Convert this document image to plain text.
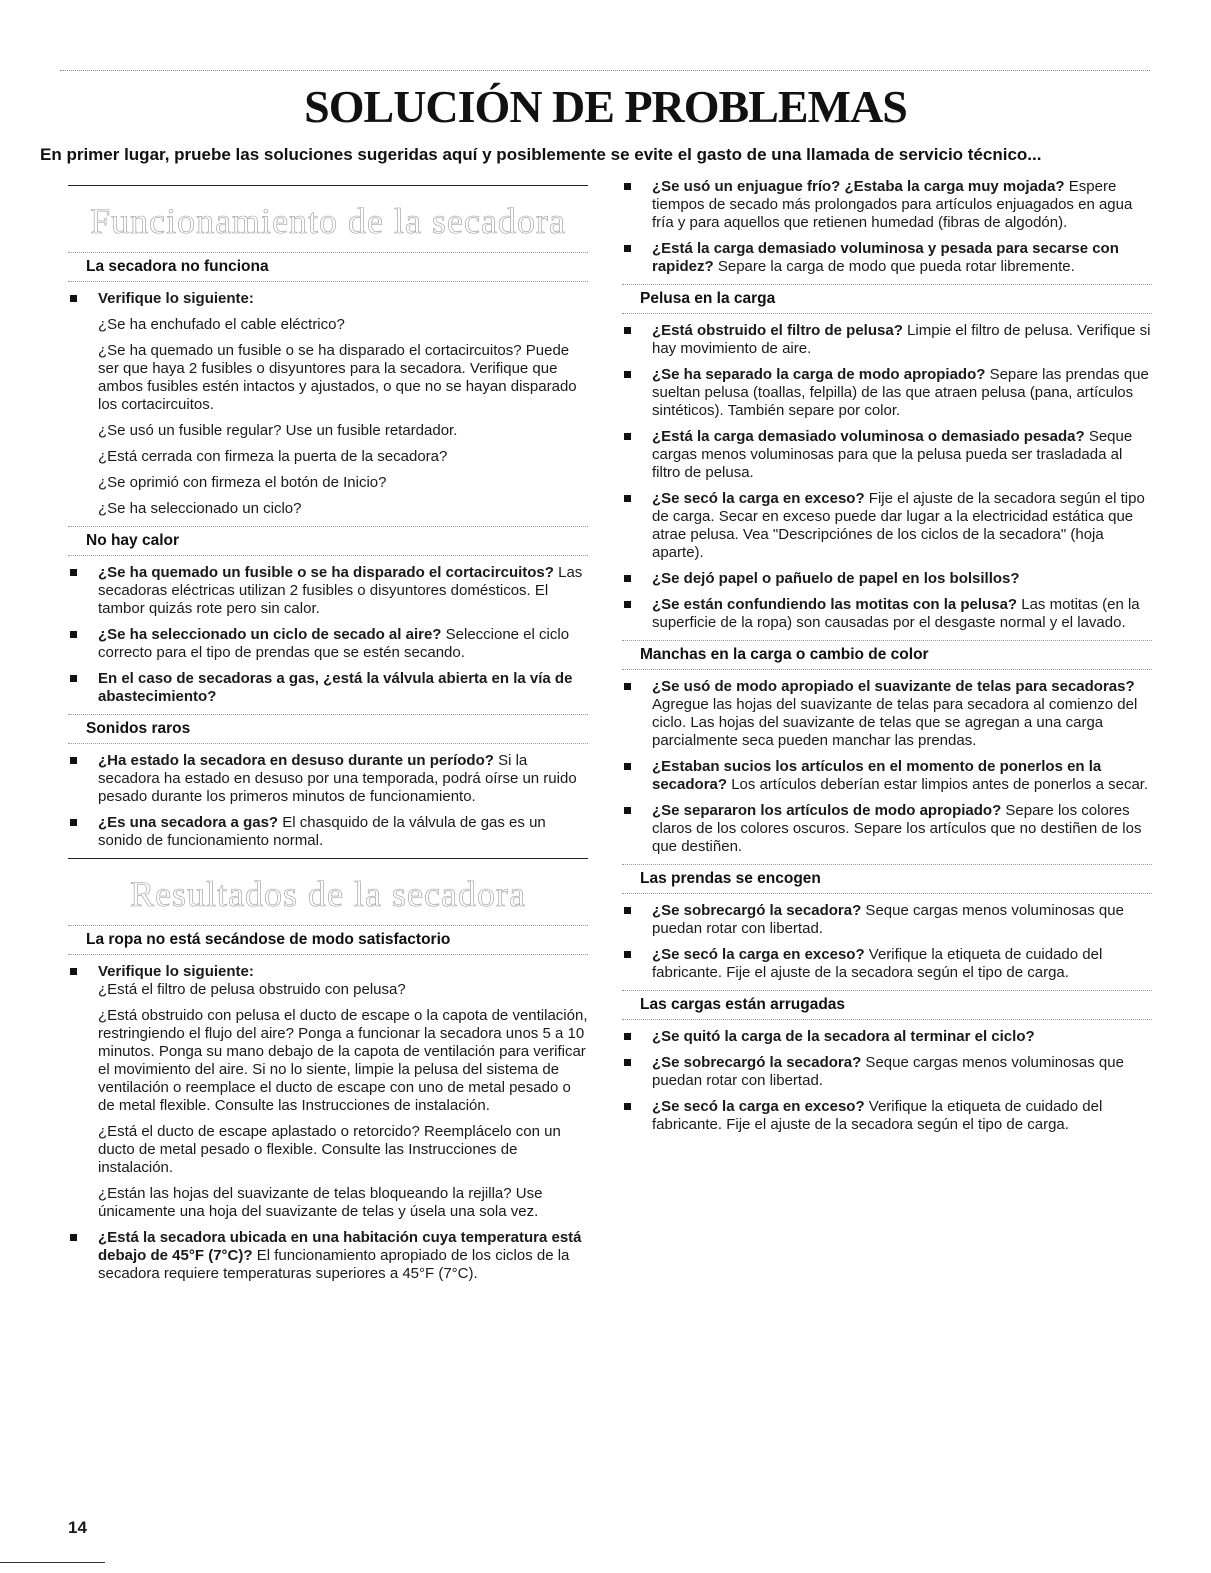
SOLUCIÓN DE PROBLEMAS

En primer lugar, pruebe las soluciones sugeridas aquí y posiblemente se evite el gasto de una llamada de servicio técnico...

Funcionamiento de la secadora
La secadora no funciona
Verifique lo siguiente:

¿Se ha enchufado el cable eléctrico?

¿Se ha quemado un fusible o se ha disparado el cortacircuitos? Puede ser que haya 2 fusibles o disyuntores para la secadora. Verifique que ambos fusibles estén intactos y ajustados, o que no se hayan disparado los cortacircuitos.

¿Se usó un fusible regular? Use un fusible retardador.

¿Está cerrada con firmeza la puerta de la secadora?

¿Se oprimió con firmeza el botón de Inicio?

¿Se ha seleccionado un ciclo?

No hay calor
¿Se ha quemado un fusible o se ha disparado el cortacircuitos? Las secadoras eléctricas utilizan 2 fusibles o disyuntores domésticos. El tambor quizás rote pero sin calor.
¿Se ha seleccionado un ciclo de secado al aire? Seleccione el ciclo correcto para el tipo de prendas que se estén secando.
En el caso de secadoras a gas, ¿está la válvula abierta en la vía de abastecimiento?
Sonidos raros
¿Ha estado la secadora en desuso durante un período? Si la secadora ha estado en desuso por una temporada, podrá oírse un ruido pesado durante los primeros minutos de funcionamiento.
¿Es una secadora a gas? El chasquido de la válvula de gas es un sonido de funcionamiento normal.
Resultados de la secadora
La ropa no está secándose de modo satisfactorio
Verifique lo siguiente:

¿Está el filtro de pelusa obstruido con pelusa?

¿Está obstruido con pelusa el ducto de escape o la capota de ventilación, restringiendo el flujo del aire? Ponga a funcionar la secadora unos 5 a 10 minutos. Ponga su mano debajo de la capota de ventilación para verificar el movimiento del aire. Si no lo siente, limpie la pelusa del sistema de ventilación o reemplace el ducto de escape con uno de metal pesado o de metal flexible. Consulte las Instrucciones de instalación.

¿Está el ducto de escape aplastado o retorcido? Reemplácelo con un ducto de metal pesado o flexible. Consulte las Instrucciones de instalación.

¿Están las hojas del suavizante de telas bloqueando la rejilla? Use únicamente una hoja del suavizante de telas y úsela una sola vez.

¿Está la secadora ubicada en una habitación cuya temperatura está debajo de 45°F (7°C)? El funcionamiento apropiado de los ciclos de la secadora requiere temperaturas superiores a 45°F (7°C).
¿Se usó un enjuague frío? ¿Estaba la carga muy mojada? Espere tiempos de secado más prolongados para artículos enjuagados en agua fría y para aquellos que retienen humedad (fibras de algodón).
¿Está la carga demasiado voluminosa y pesada para secarse con rapidez? Separe la carga de modo que pueda rotar libremente.
Pelusa en la carga
¿Está obstruido el filtro de pelusa? Limpie el filtro de pelusa. Verifique si hay movimiento de aire.
¿Se ha separado la carga de modo apropiado? Separe las prendas que sueltan pelusa (toallas, felpilla) de las que atraen pelusa (pana, artículos sintéticos). También separe por color.
¿Está la carga demasiado voluminosa o demasiado pesada? Seque cargas menos voluminosas para que la pelusa pueda ser trasladada al filtro de pelusa.
¿Se secó la carga en exceso? Fije el ajuste de la secadora según el tipo de carga. Secar en exceso puede dar lugar a la electricidad estática que atrae pelusa. Vea "Descripciónes de los ciclos de la secadora" (hoja aparte).
¿Se dejó papel o pañuelo de papel en los bolsillos?
¿Se están confundiendo las motitas con la pelusa? Las motitas (en la superficie de la ropa) son causadas por el desgaste normal y el lavado.
Manchas en la carga o cambio de color
¿Se usó de modo apropiado el suavizante de telas para secadoras? Agregue las hojas del suavizante de telas para secadora al comienzo del ciclo. Las hojas del suavizante de telas que se agregan a una carga parcialmente seca pueden manchar las prendas.
¿Estaban sucios los artículos en el momento de ponerlos en la secadora? Los artículos deberían estar limpios antes de ponerlos a secar.
¿Se separaron los artículos de modo apropiado? Separe los colores claros de los colores oscuros. Separe los artículos que no destiñen de los que destiñen.
Las prendas se encogen
¿Se sobrecargó la secadora? Seque cargas menos voluminosas que puedan rotar con libertad.
¿Se secó la carga en exceso? Verifique la etiqueta de cuidado del fabricante. Fije el ajuste de la secadora según el tipo de carga.
Las cargas están arrugadas
¿Se quitó la carga de la secadora al terminar el ciclo?
¿Se sobrecargó la secadora? Seque cargas menos voluminosas que puedan rotar con libertad.
¿Se secó la carga en exceso? Verifique la etiqueta de cuidado del fabricante. Fije el ajuste de la secadora según el tipo de carga.

14
